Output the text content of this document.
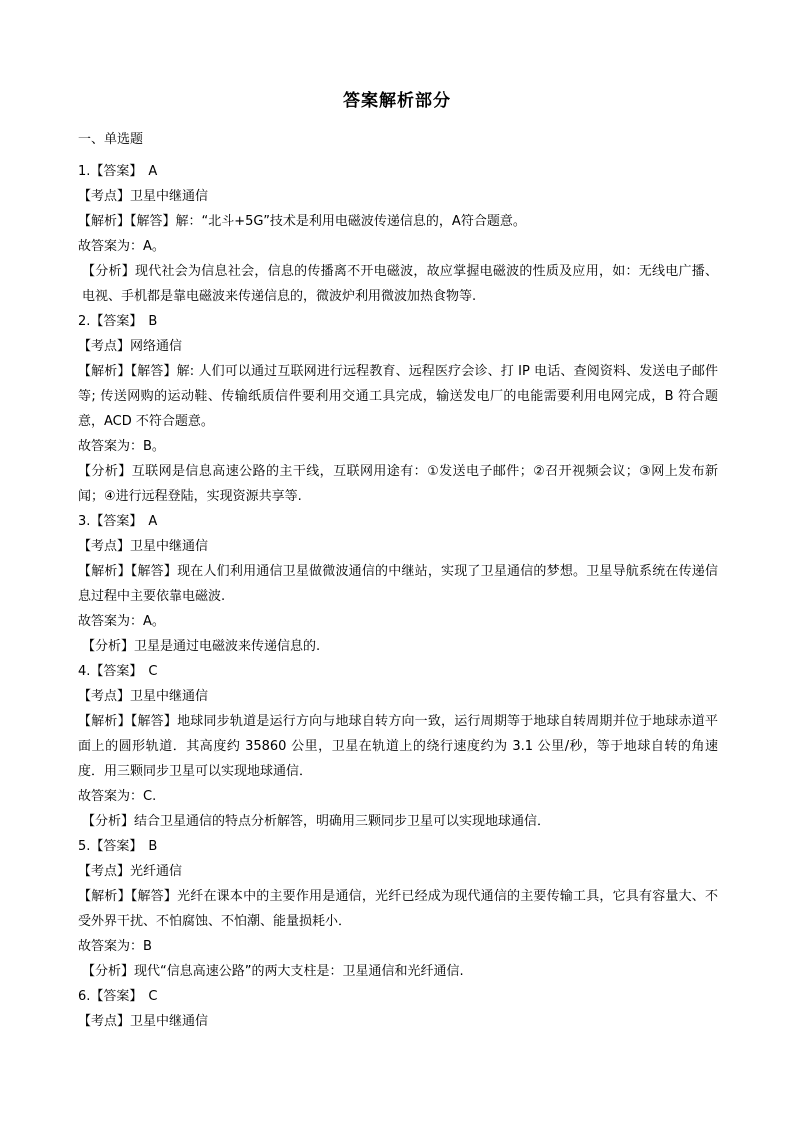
答案解析部分
一、单选题
1.【答案】 A
【考点】卫星中继通信
【解析】【解答】解：“北斗+5G”技术是利用电磁波传递信息的，A符合题意。
故答案为：A。
【分析】现代社会为信息社会，信息的传播离不开电磁波，故应掌握电磁波的性质及应用，如：无线电广播、电视、手机都是靠电磁波来传递信息的，微波炉利用微波加热食物等.
2.【答案】 B
【考点】网络通信
【解析】【解答】解: 人们可以通过互联网进行远程教育、远程医疗会诊、打 IP 电话、查阅资料、发送电子邮件等; 传送网购的运动鞋、传输纸质信件要利用交通工具完成，输送发电厂的电能需要利用电网完成，B 符合题意，ACD 不符合题意。
故答案为：B。
【分析】互联网是信息高速公路的主干线，互联网用途有：①发送电子邮件；②召开视频会议；③网上发布新闻；④进行远程登陆，实现资源共享等.
3.【答案】 A
【考点】卫星中继通信
【解析】【解答】现在人们利用通信卫星做微波通信的中继站，实现了卫星通信的梦想。卫星导航系统在传递信息过程中主要依靠电磁波.
故答案为：A。
【分析】卫星是通过电磁波来传递信息的.
4.【答案】 C
【考点】卫星中继通信
【解析】【解答】地球同步轨道是运行方向与地球自转方向一致，运行周期等于地球自转周期并位于地球赤道平面上的圆形轨道．其高度约 35860 公里，卫星在轨道上的绕行速度约为 3.1 公里/秒，等于地球自转的角速度．用三颗同步卫星可以实现地球通信．
故答案为：C.
【分析】结合卫星通信的特点分析解答，明确用三颗同步卫星可以实现地球通信．
5.【答案】 B
【考点】光纤通信
【解析】【解答】光纤在课本中的主要作用是通信，光纤已经成为现代通信的主要传输工具，它具有容量大、不受外界干扰、不怕腐蚀、不怕潮、能量损耗小．
故答案为：B
【分析】现代“信息高速公路”的两大支柱是：卫星通信和光纤通信.
6.【答案】 C
【考点】卫星中继通信
